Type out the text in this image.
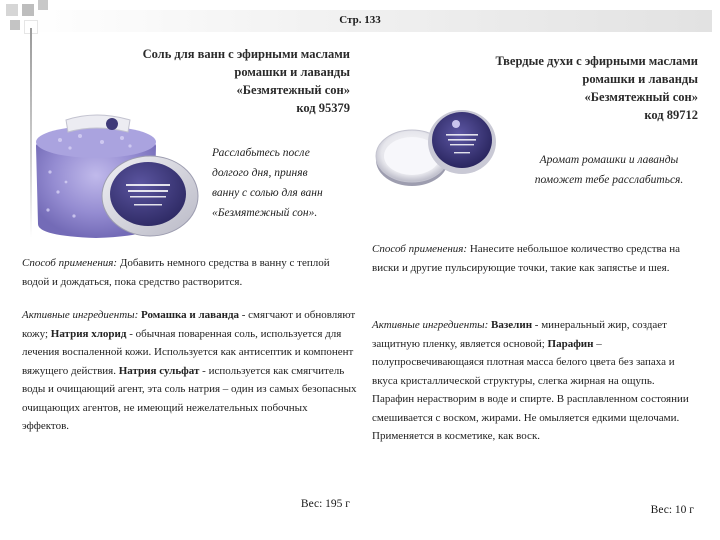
Стр. 133
Соль для ванн с эфирными маслами
ромашки и лаванды
«Безмятежный сон»
код 95379
Расслабьтесь после
долгого дня, приняв
ванну с солью для ванн
«Безмятежный сон».
Способ применения: Добавить немного средства в ванну с теплой водой и дождаться, пока средство растворится.
Активные ингредиенты: Ромашка и лаванда - смягчают и обновляют кожу; Натрия хлорид - обычная поваренная соль, используется для лечения воспаленной кожи. Используется как антисептик и компонент вяжущего действия. Натрия сульфат - используется как смягчитель воды и очищающий агент, эта соль натрия – один из самых безопасных очищающих агентов, не имеющий нежелательных побочных эффектов.
Вес: 195 г
Твердые духи с эфирными маслами
ромашки и лаванды
«Безмятежный сон»
код 89712
Аромат ромашки и лаванды
поможет тебе расслабиться.
Способ применения: Нанесите небольшое количество средства на виски и другие пульсирующие точки, такие как запястье и шея.
Активные ингредиенты: Вазелин - минеральный жир, создает защитную пленку, является основой; Парафин – полупросвечивающаяся плотная масса белого цвета без запаха и вкуса кристаллической структуры, слегка жирная на ощупь. Парафин нерастворим в воде и спирте. В расплавленном состоянии смешивается с воском, жирами. Не омыляется едкими щелочами. Применяется в косметике, как воск.
Вес: 10 г
